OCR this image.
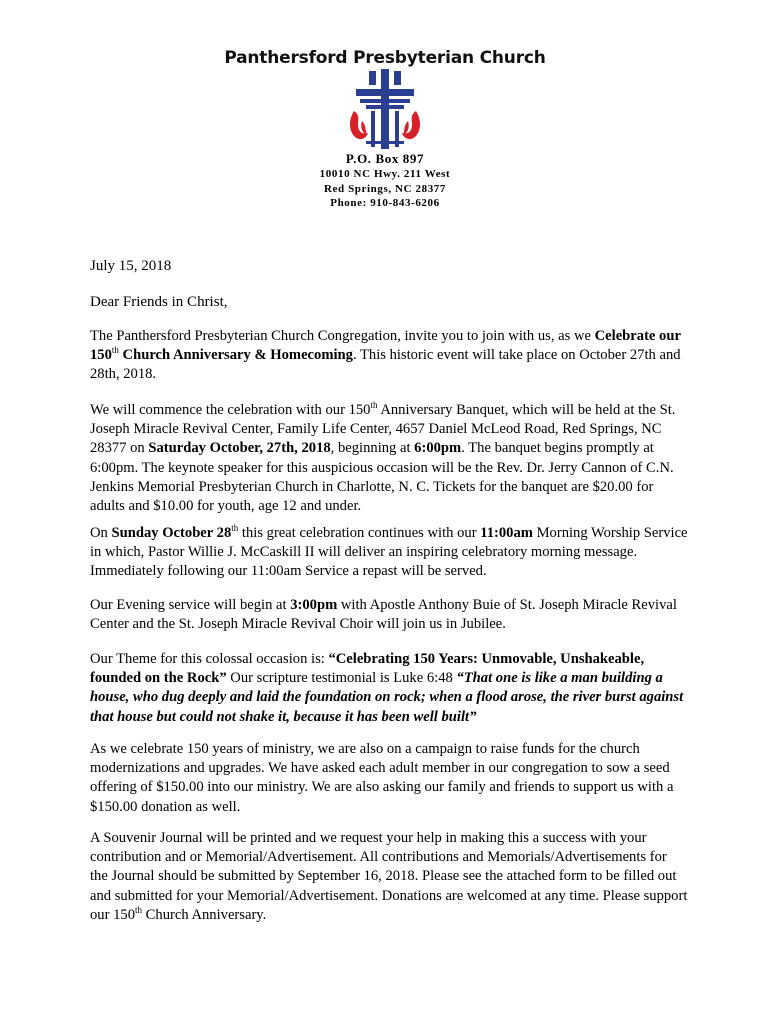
Panthersford Presbyterian Church
P.O. Box 897
10010 NC Hwy. 211 West
Red Springs, NC 28377
Phone: 910-843-6206
July 15, 2018
Dear Friends in Christ,

The Panthersford Presbyterian Church Congregation, invite you to join with us, as we Celebrate our 150th Church Anniversary & Homecoming. This historic event will take place on October 27th and 28th, 2018.

We will commence the celebration with our 150th Anniversary Banquet, which will be held at the St. Joseph Miracle Revival Center, Family Life Center, 4657 Daniel McLeod Road, Red Springs, NC 28377 on Saturday October, 27th, 2018, beginning at 6:00pm. The banquet begins promptly at 6:00pm. The keynote speaker for this auspicious occasion will be the Rev. Dr. Jerry Cannon of C.N. Jenkins Memorial Presbyterian Church in Charlotte, N. C. Tickets for the banquet are $20.00 for adults and $10.00 for youth, age 12 and under.

On Sunday October 28th this great celebration continues with our 11:00am Morning Worship Service in which, Pastor Willie J. McCaskill II will deliver an inspiring celebratory morning message. Immediately following our 11:00am Service a repast will be served.

Our Evening service will begin at 3:00pm with Apostle Anthony Buie of St. Joseph Miracle Revival Center and the St. Joseph Miracle Revival Choir will join us in Jubilee.

Our Theme for this colossal occasion is: “Celebrating 150 Years: Unmovable, Unshakeable, founded on the Rock” Our scripture testimonial is Luke 6:48 “That one is like a man building a house, who dug deeply and laid the foundation on rock; when a flood arose, the river burst against that house but could not shake it, because it has been well built”

As we celebrate 150 years of ministry, we are also on a campaign to raise funds for the church modernizations and upgrades. We have asked each adult member in our congregation to sow a seed offering of $150.00 into our ministry. We are also asking our family and friends to support us with a $150.00 donation as well.

A Souvenir Journal will be printed and we request your help in making this a success with your contribution and or Memorial/Advertisement. All contributions and Memorials/Advertisements for the Journal should be submitted by September 16, 2018. Please see the attached form to be filled out and submitted for your Memorial/Advertisement. Donations are welcomed at any time. Please support our 150th Church Anniversary.
